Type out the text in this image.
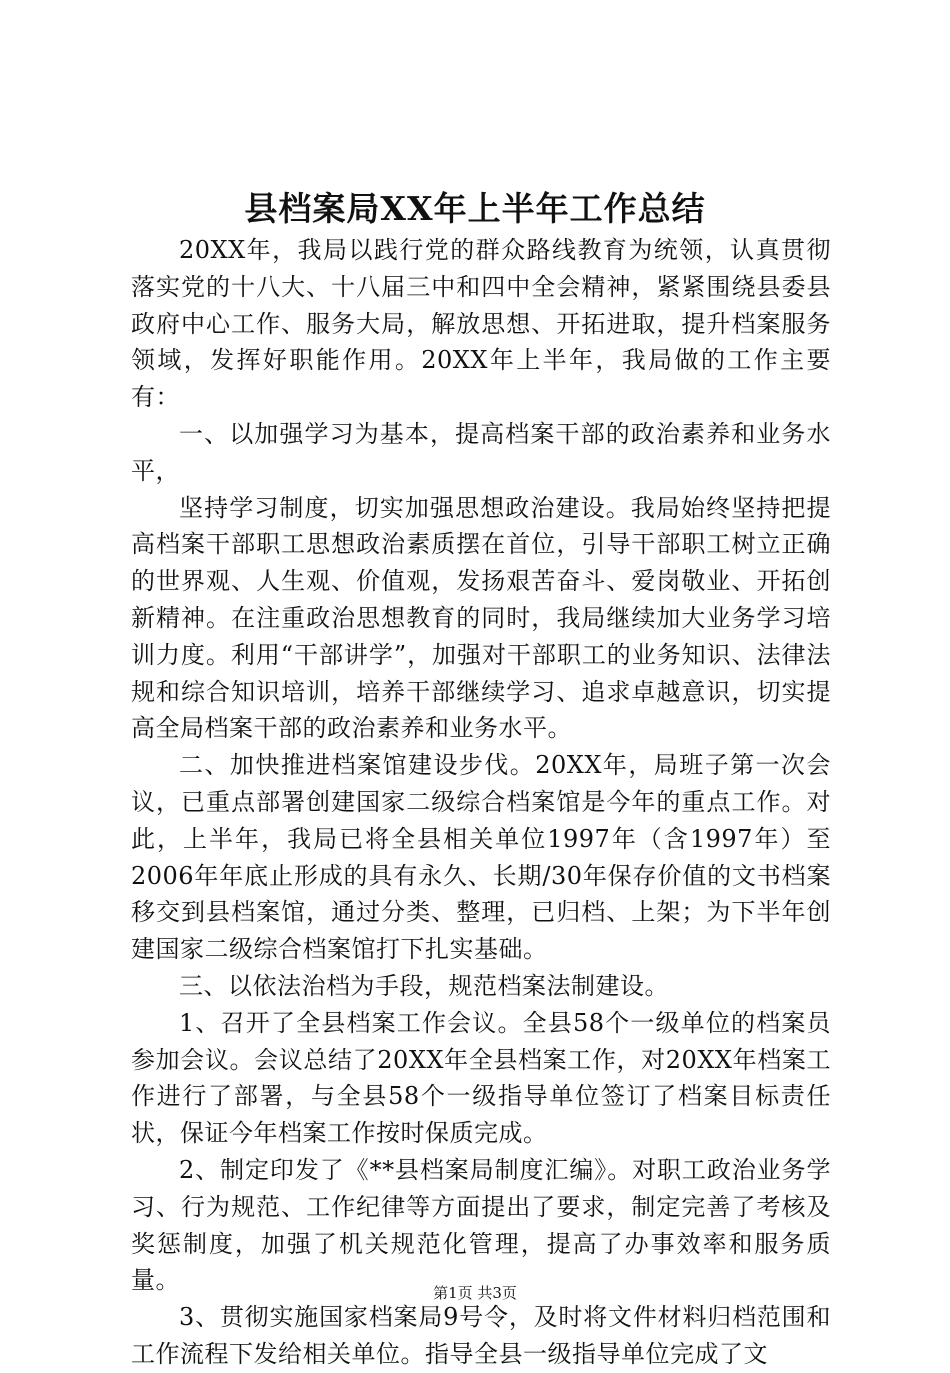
县档案局XX年上半年工作总结

20XX年，我局以践行党的群众路线教育为统领，认真贯彻落实党的十八大、十八届三中和四中全会精神，紧紧围绕县委县政府中心工作、服务大局，解放思想、开拓进取，提升档案服务领域，发挥好职能作用。20XX年上半年，我局做的工作主要有：

一、以加强学习为基本，提高档案干部的政治素养和业务水平，

坚持学习制度，切实加强思想政治建设。我局始终坚持把提高档案干部职工思想政治素质摆在首位，引导干部职工树立正确的世界观、人生观、价值观，发扬艰苦奋斗、爱岗敬业、开拓创新精神。在注重政治思想教育的同时，我局继续加大业务学习培训力度。利用“干部讲学”，加强对干部职工的业务知识、法律法规和综合知识培训，培养干部继续学习、追求卓越意识，切实提高全局档案干部的政治素养和业务水平。

二、加快推进档案馆建设步伐。20XX年，局班子第一次会议，已重点部署创建国家二级综合档案馆是今年的重点工作。对此，上半年，我局已将全县相关单位1997年（含1997年）至2006年年底止形成的具有永久、长期/30年保存价值的文书档案移交到县档案馆，通过分类、整理，已归档、上架；为下半年创建国家二级综合档案馆打下扎实基础。

三、以依法治档为手段，规范档案法制建设。

1、召开了全县档案工作会议。全县58个一级单位的档案员参加会议。会议总结了20XX年全县档案工作，对20XX年档案工作进行了部署，与全县58个一级指导单位签订了档案目标责任状，保证今年档案工作按时保质完成。

2、制定印发了《**县档案局制度汇编》。对职工政治业务学习、行为规范、工作纪律等方面提出了要求，制定完善了考核及奖惩制度，加强了机关规范化管理，提高了办事效率和服务质量。

3、贯彻实施国家档案局9号令，及时将文件材料归档范围和工作流程下发给相关单位。指导全县一级指导单位完成了文

第1页 共3页
